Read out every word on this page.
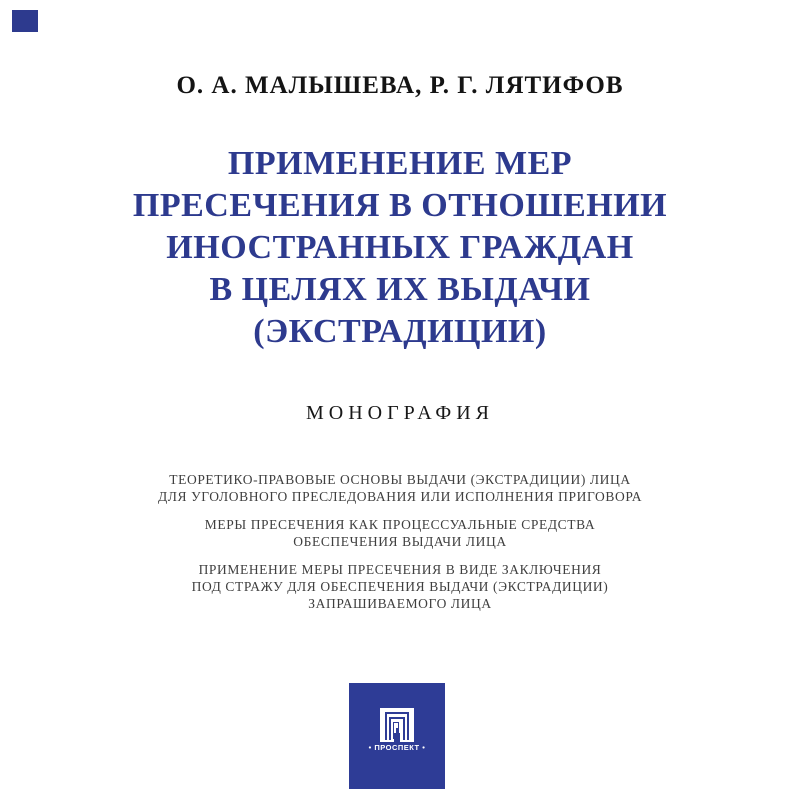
О. А. МАЛЫШЕВА, Р. Г. ЛЯТИФОВ
ПРИМЕНЕНИЕ МЕР
ПРЕСЕЧЕНИЯ В ОТНОШЕНИИ
ИНОСТРАННЫХ ГРАЖДАН
В ЦЕЛЯХ ИХ ВЫДАЧИ
(ЭКСТРАДИЦИИ)
МОНОГРАФИЯ
ТЕОРЕТИКО-ПРАВОВЫЕ ОСНОВЫ ВЫДАЧИ (ЭКСТРАДИЦИИ) ЛИЦА
ДЛЯ УГОЛОВНОГО ПРЕСЛЕДОВАНИЯ ИЛИ ИСПОЛНЕНИЯ ПРИГОВОРА
МЕРЫ ПРЕСЕЧЕНИЯ КАК ПРОЦЕССУАЛЬНЫЕ СРЕДСТВА
ОБЕСПЕЧЕНИЯ ВЫДАЧИ ЛИЦА
ПРИМЕНЕНИЕ МЕРЫ ПРЕСЕЧЕНИЯ В ВИДЕ ЗАКЛЮЧЕНИЯ
ПОД СТРАЖУ ДЛЯ ОБЕСПЕЧЕНИЯ ВЫДАЧИ (ЭКСТРАДИЦИИ)
ЗАПРАШИВАЕМОГО ЛИЦА
• ПРОСПЕКТ •
